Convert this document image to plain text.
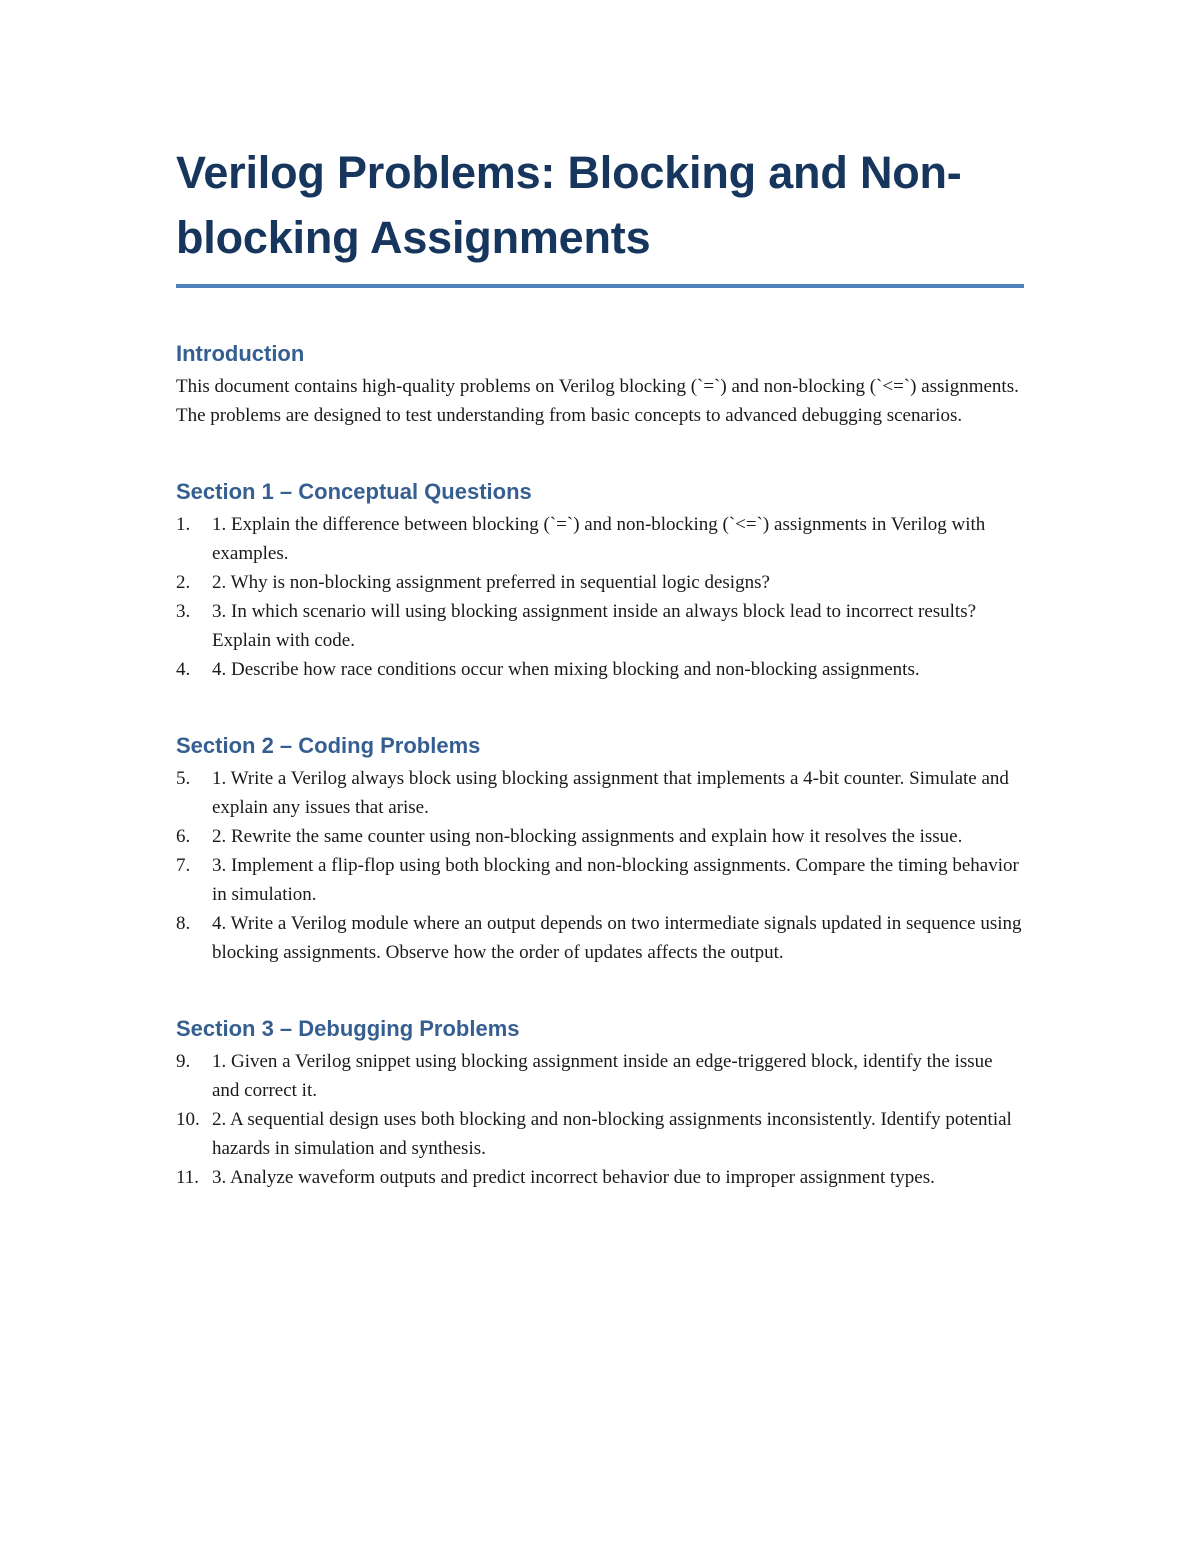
Verilog Problems: Blocking and Non-blocking Assignments
Introduction

This document contains high-quality problems on Verilog blocking (`=`) and non-blocking (`<=`) assignments. The problems are designed to test understanding from basic concepts to advanced debugging scenarios.

Section 1 – Conceptual Questions
1.	1. Explain the difference between blocking (`=`) and non-blocking (`<=`) assignments in Verilog with examples.
2.	2. Why is non-blocking assignment preferred in sequential logic designs?
3.	3. In which scenario will using blocking assignment inside an always block lead to incorrect results? Explain with code.
4.	4. Describe how race conditions occur when mixing blocking and non-blocking assignments.
Section 2 – Coding Problems
5.	1. Write a Verilog always block using blocking assignment that implements a 4-bit counter. Simulate and explain any issues that arise.
6.	2. Rewrite the same counter using non-blocking assignments and explain how it resolves the issue.
7.	3. Implement a flip-flop using both blocking and non-blocking assignments. Compare the timing behavior in simulation.
8.	4. Write a Verilog module where an output depends on two intermediate signals updated in sequence using blocking assignments. Observe how the order of updates affects the output.
Section 3 – Debugging Problems
9.	1. Given a Verilog snippet using blocking assignment inside an edge-triggered block, identify the issue and correct it.
10. 2. A sequential design uses both blocking and non-blocking assignments inconsistently. Identify potential hazards in simulation and synthesis.
11. 3. Analyze waveform outputs and predict incorrect behavior due to improper assignment types.
